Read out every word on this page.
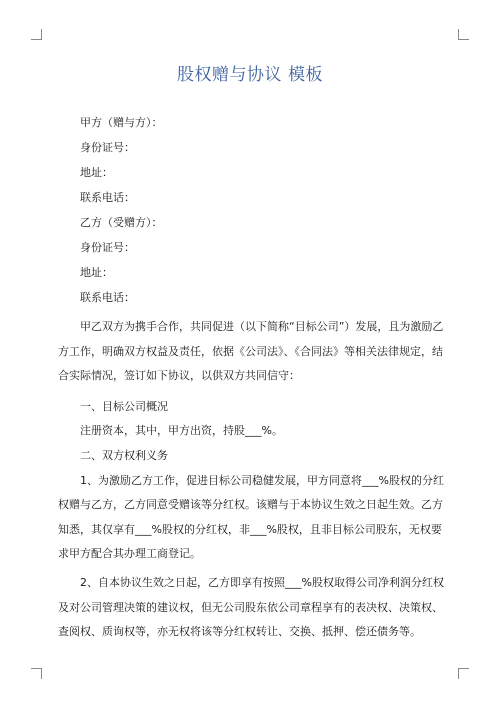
股权赠与协议 模板
甲方（赠与方）：
身份证号：
地址：
联系电话：
乙方（受赠方）：
身份证号：
地址：
联系电话：

甲乙双方为携手合作，共同促进（以下简称“目标公司”）发展，且为激励乙方工作，明确双方权益及责任，依据《公司法》、《合同法》等相关法律规定，结合实际情况，签订如下协议，以供双方共同信守：

一、目标公司概况

注册资本，其中，甲方出资，持股___%。

二、双方权利义务

1、为激励乙方工作，促进目标公司稳健发展，甲方同意将___%股权的分红权赠与乙方，乙方同意受赠该等分红权。该赠与于本协议生效之日起生效。乙方知悉，其仅享有___%股权的分红权，非___%股权，且非目标公司股东，无权要求甲方配合其办理工商登记。

2、自本协议生效之日起，乙方即享有按照___%股权取得公司净利润分红权及对公司管理决策的建议权，但无公司股东依公司章程享有的表决权、决策权、查阅权、质询权等，亦无权将该等分红权转让、交换、抵押、偿还债务等。
